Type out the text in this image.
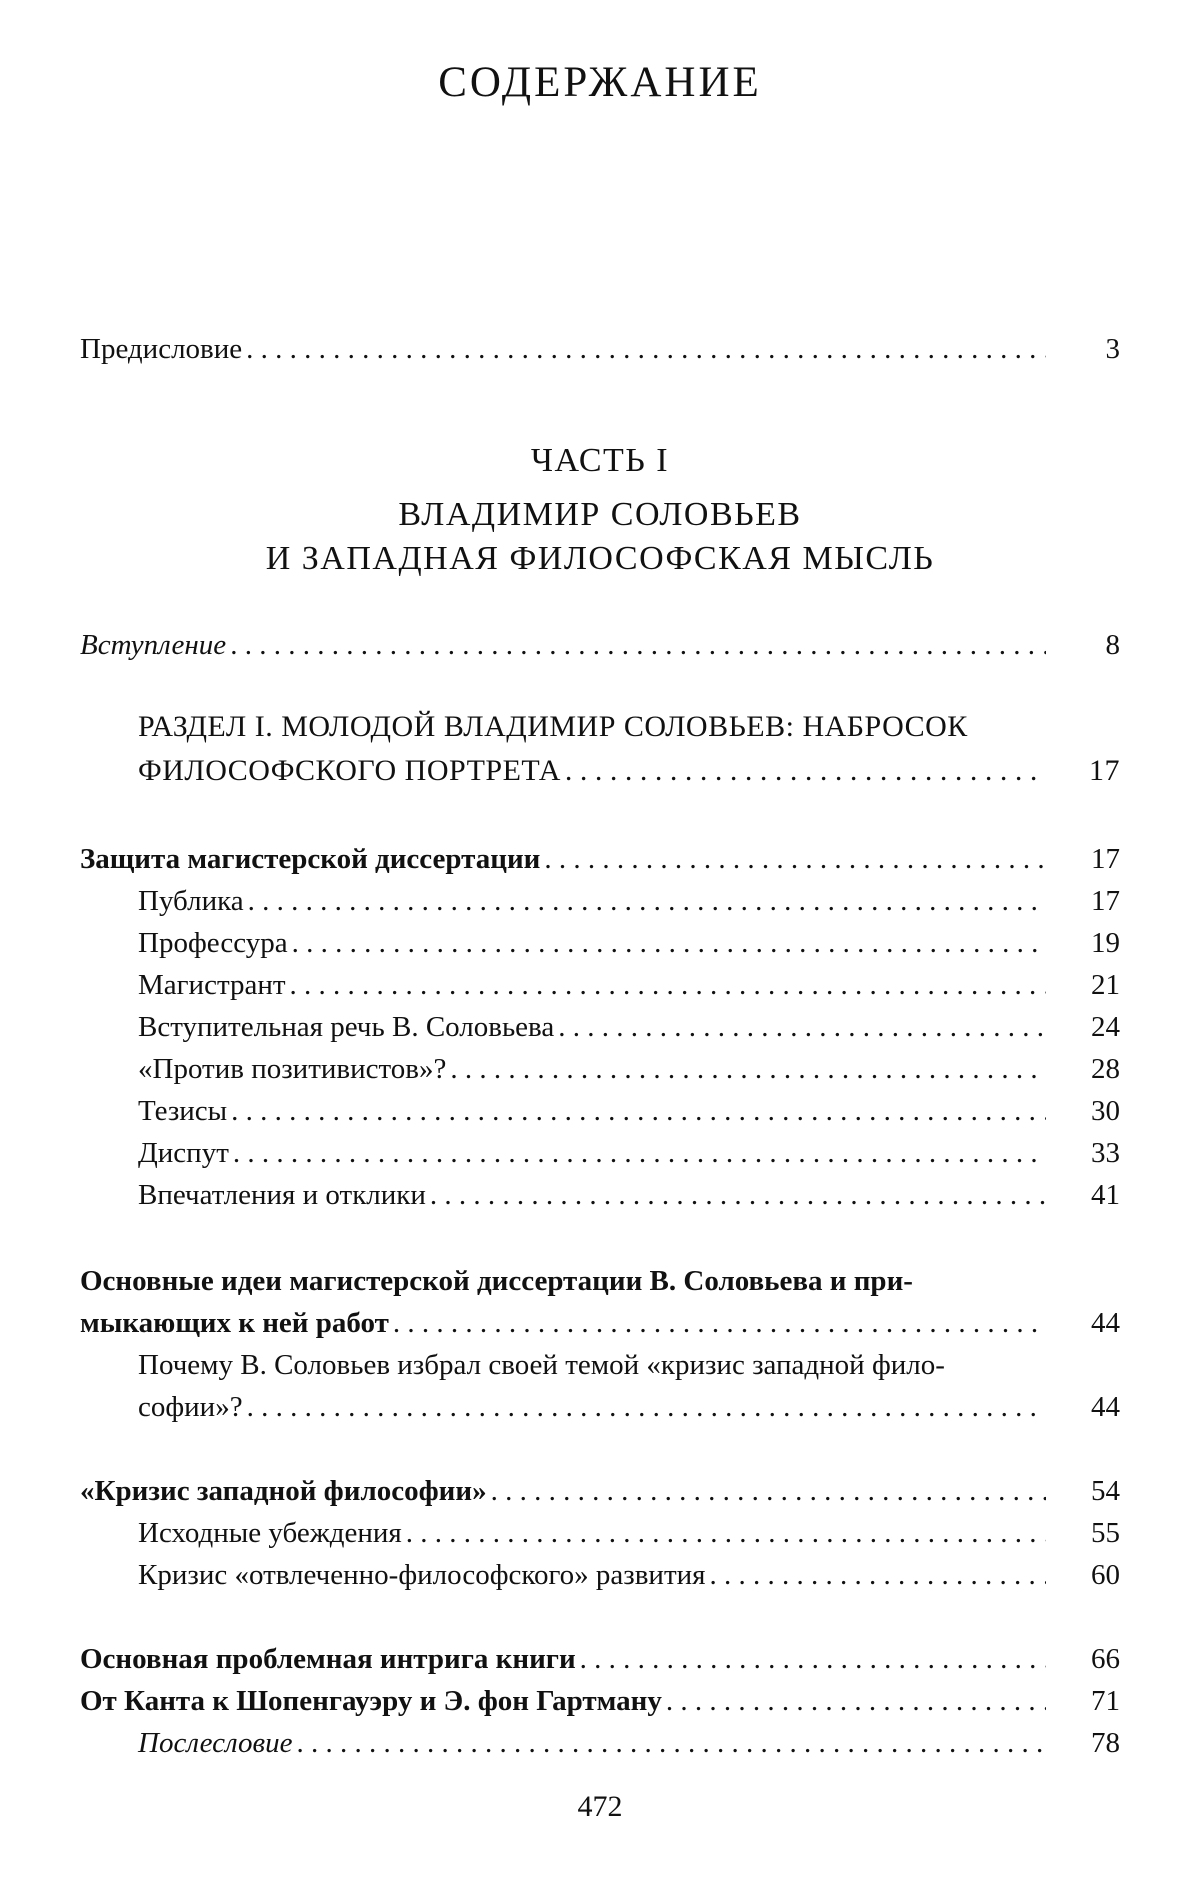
СОДЕРЖАНИЕ
Предисловие . . .	3
ЧАСТЬ I
ВЛАДИМИР СОЛОВЬЕВ
И ЗАПАДНАЯ ФИЛОСОФСКАЯ МЫСЛЬ
Вступление . . .	8
РАЗДЕЛ I. МОЛОДОЙ ВЛАДИМИР СОЛОВЬЕВ: НАБРОСОК
ФИЛОСОФСКОГО ПОРТРЕТА . . .	17
Защита магистерской диссертации . . .	17
Публика . . .	17
Профессура . . .	19
Магистрант . . .	21
Вступительная речь В. Соловьева . . .	24
«Против позитивистов»? . . .	28
Тезисы . . .	30
Диспут . . .	33
Впечатления и отклики . . .	41
Основные идеи магистерской диссертации В. Соловьева и при-
мыкающих к ней работ . . .	44
Почему В. Соловьев избрал своей темой «кризис западной фило-
софии»? . . .	44
«Кризис западной философии» . . .	54
Исходные убеждения . . .	55
Кризис «отвлеченно-философского» развития . . .	60
Основная проблемная интрига книги . . .	66
От Канта к Шопенгауэру и Э. фон Гартману . . .	71
Послесловие . . .	78
472
